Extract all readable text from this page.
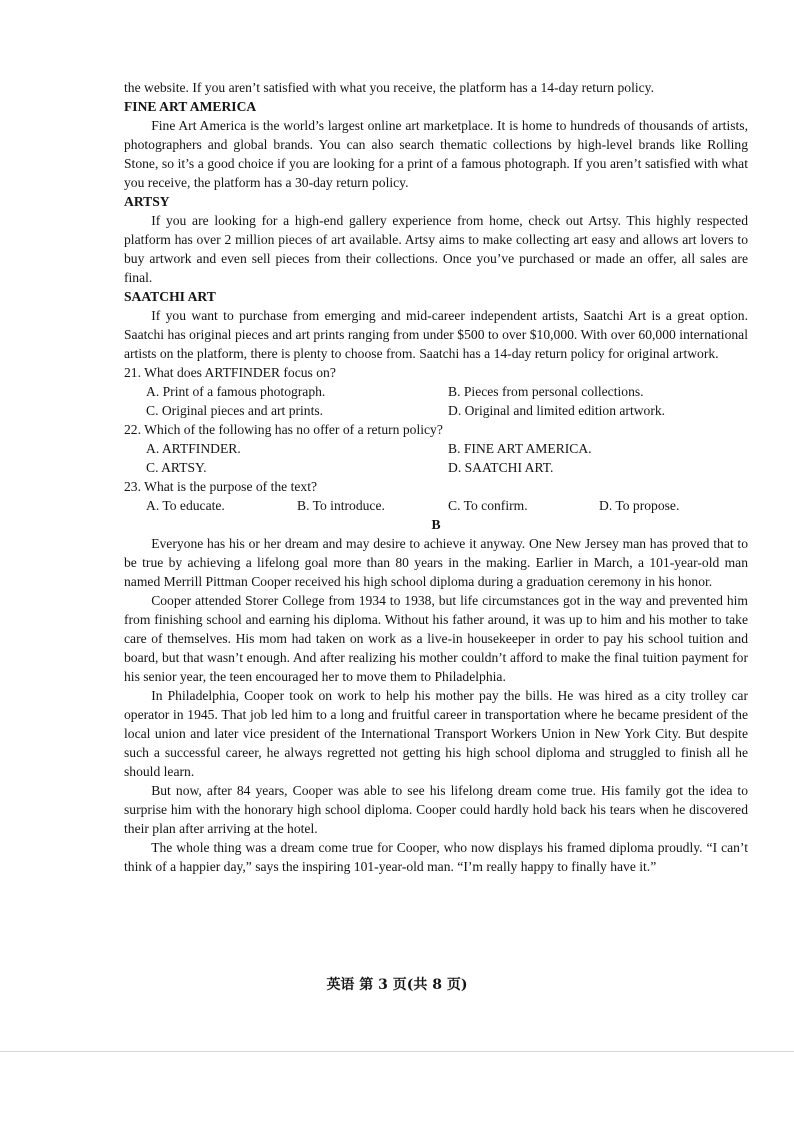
the website. If you aren’t satisfied with what you receive, the platform has a 14-day return policy.

FINE ART AMERICA

Fine Art America is the world’s largest online art marketplace. It is home to hundreds of thousands of artists, photographers and global brands. You can also search thematic collections by high-level brands like Rolling Stone, so it’s a good choice if you are looking for a print of a famous photograph. If you aren’t satisfied with what you receive, the platform has a 30-day return policy.

ARTSY

If you are looking for a high-end gallery experience from home, check out Artsy. This highly respected platform has over 2 million pieces of art available. Artsy aims to make collecting art easy and allows art lovers to buy artwork and even sell pieces from their collections. Once you’ve purchased or made an offer, all sales are final.

SAATCHI ART

If you want to purchase from emerging and mid-career independent artists, Saatchi Art is a great option. Saatchi has original pieces and art prints ranging from under $500 to over $10,000. With over 60,000 international artists on the platform, there is plenty to choose from. Saatchi has a 14-day return policy for original artwork.

21. What does ARTFINDER focus on?
A. Print of a famous photograph.	B. Pieces from personal collections.
C. Original pieces and art prints.	D. Original and limited edition artwork.
22. Which of the following has no offer of a return policy?
A. ARTFINDER.	B. FINE ART AMERICA.
C. ARTSY.	D. SAATCHI ART.
23. What is the purpose of the text?
A. To educate.	B. To introduce.	C. To confirm.	D. To propose.
B

Everyone has his or her dream and may desire to achieve it anyway. One New Jersey man has proved that to be true by achieving a lifelong goal more than 80 years in the making. Earlier in March, a 101-year-old man named Merrill Pittman Cooper received his high school diploma during a graduation ceremony in his honor.

Cooper attended Storer College from 1934 to 1938, but life circumstances got in the way and prevented him from finishing school and earning his diploma. Without his father around, it was up to him and his mother to take care of themselves. His mom had taken on work as a live-in housekeeper in order to pay his school tuition and board, but that wasn’t enough. And after realizing his mother couldn’t afford to make the final tuition payment for his senior year, the teen encouraged her to move them to Philadelphia.

In Philadelphia, Cooper took on work to help his mother pay the bills. He was hired as a city trolley car operator in 1945. That job led him to a long and fruitful career in transportation where he became president of the local union and later vice president of the International Transport Workers Union in New York City. But despite such a successful career, he always regretted not getting his high school diploma and struggled to finish all he should learn.

But now, after 84 years, Cooper was able to see his lifelong dream come true. His family got the idea to surprise him with the honorary high school diploma. Cooper could hardly hold back his tears when he discovered their plan after arriving at the hotel.

The whole thing was a dream come true for Cooper, who now displays his framed diploma proudly. “I can’t think of a happier day,” says the inspiring 101-year-old man. “I’m really happy to finally have it.”

英语 第 3 页(共 8 页)
